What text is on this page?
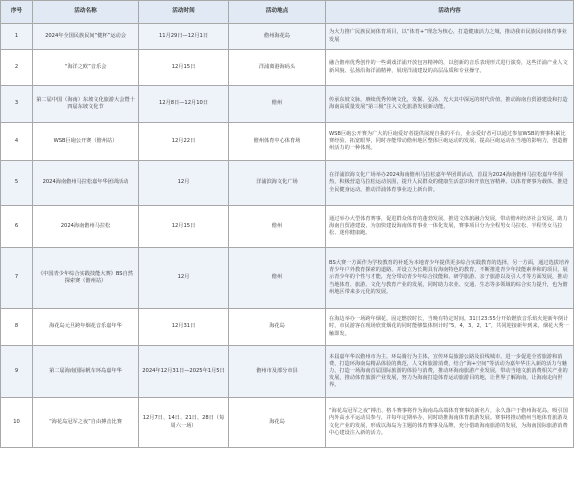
序号	活动名称	活动时间	活动地点	活动内容
1	2024年全国民族民间“健杯”运动会	11月29日—12月1日	儋州海花岛	为大力推广民族民间体育项目，以“体育+”理念为核心，打造健康活力之城，推动我市民族民间体育事业发展
2	“海洋之欧”音乐会	12月15日	洋浦离港海码头	融合儋州优秀创作的一些调戏洋浦开放包容精神的，以创新的音乐表现形式进行演奏，这些洋浦产业人文新风貌、弘扬沿海洋浦精神，展现洋浦建设的高层品质和专业操守。
3	第二届中国（海南）东坡文化旅游大会暨十四届东坡文化节	12月8日—12月10日	儋州	传承东坡文脉，赓续优秀传统文化，发掘、弘扬、光大其中深远的时代价值，推动海南自贸港建设和打造海南高质量发展“第三极”注入文化旅游发展新动能。
4	WSB巨砲公开赛（儋州站）	12月22日	儋州体育中心体育场	WSB巨砲公开赛为广大的巨砲爱好者提供展现自我的平台，业余爱好者可以通过参加WSB的赛事积累比赛经验、拓宽眼界，同时亦能带动儋州地区整体巨砲运动的发展，提高巨砲运动在当地的影响力，创造儋州活力的一种体现。
5	2024海南儋州马拉松嘉年华团训活动	12月	洋浦滨海文化广场	在洋浦滨海文化广场举办2024海南儋州马拉松嘉年华团训活动，首届为2024海南儋州马拉松嘉年华预热，积极营造马拉松运动氛围，提升人民群众的健康生活意识和开放包容精神。以体育赛事为载体，推进全民健身运动，推动洋浦体育事业迈上新台阶。
6	2024海南儋州马拉松	12月15日	儋州	通过举办大型体育赛事，促进群众体育的蓬勃发展，推进文体旅融合发展，带动儋州经济社会发展，助力海南自贸港建设，为加快建设海南体育事业一体化发展，赛事项目分为全程男女马拉松、半程男女马拉松、迷你健康跑。
7	《中国青少年综合实践技能大赛》BS自然探索赛（儋州站）	12月	儋州	BS大赛一方面作为学校教育的补延为本地青少年提供更多综合实践教育的选择，另一方面，通过选拔培养青少年户外教育探索的道路，并设立为长期具有海南特色的教育，不断推进青少年技能素养和的项目，展示青少年的个性与才能，充分带动青少年综合技能和、研学旅游、亲子旅游以及引人才等方面发展，推动当地体育、旅游、文化与教育产业的发展，同时助力农业、交通、生态等多领域的综合实力提升，也为儋州地区带来多元化的发展。
8	海花岛元旦跨年烟花音乐嘉年华	12月31日	海花岛	在海边举办一场跨年烟花，固定燃放时长，当晚有特定时间。31日23:55分开始燃放音乐焰火迎新年倒计时，市民游客在现场欣赏烟花的同时能够集体倒计时“5，4，3，2，1”，共同迎接新年到来，烟花大秀一触即发。
9	第二届海南国际帆车环岛嘉年华	2024年12月31日—2025年1月5日	儋州市及部分市县	本届嘉年华以儋州市为主，环岛骑行为主体，宣传环岛旅游公路及沿线城市，进一步促进全省旅游和消费，打造环海南岛精品体验的典范，人文和旅游消费，结合“海+空间”等活动为嘉年华注入新的活力与魅力，打造一场海南首届国际旅游的体验与消费，推动环海南旅游产业发展，带动当地文旅消费相关产业的发展，推动体育旅游产业发展，努力为海南打造体育运动旅游目的地，让世界了解海南，让海南走向世界。
10	“海花岛冠军之夜”自由搏击比赛	12月7日、14日、21日、28日（每周六一场）	海花岛	“海花岛冠军之夜”搏击、格斗赛事将作为海南岛高端体育赛事的新名片，永久落户于儋州海花岛，吸引国内外高水平运动员参与，并每年定期举办，同时助推海南体育旅游发展。赛事将推动儋州当地体育旅游及文化产业的发展，形成以海岛为主题的体育赛事及品牌，充分借助海南旅游的发展，为海南国际旅游消费中心建设注入新的活力。
